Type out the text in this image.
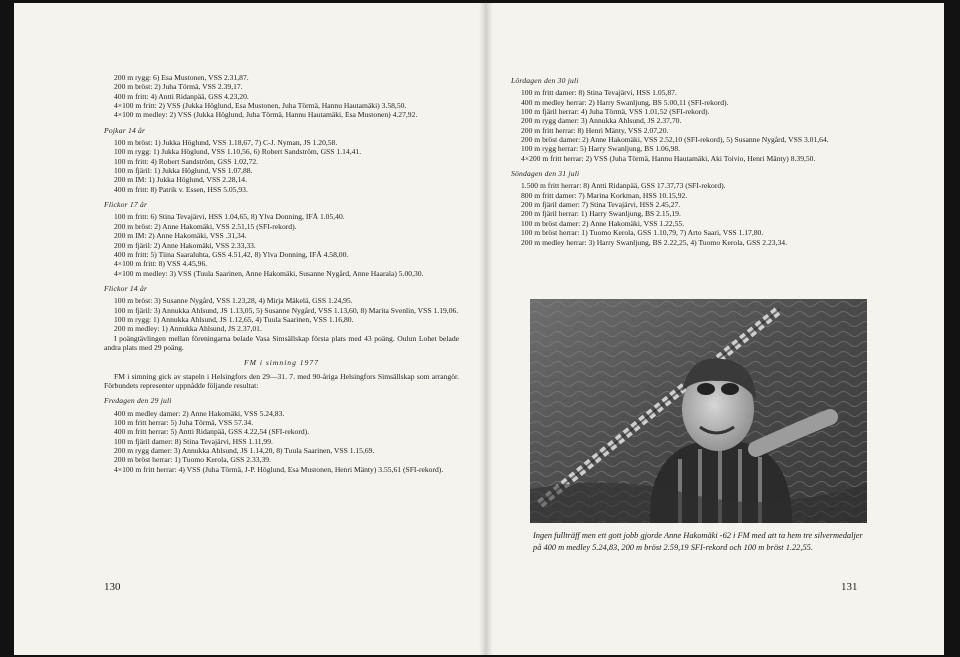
200 m rygg: 6) Esa Mustonen, VSS 2.31,87.
200 m bröst: 2) Juha Törmä, VSS 2.39,17.
400 m fritt: 4) Antti Ridanpää, GSS 4.23,20.
4×100 m fritt: 2) VSS (Jukka Höglund, Esa Mustonen, Juha Törmä, Hannu Hautamäki) 3.58,50.
4×100 m medley: 2) VSS (Jukka Höglund, Juha Törmä, Hannu Hautamäki, Esa Mustonen) 4.27,92.
Pojkar 14 år
100 m bröst: 1) Jukka Höglund, VSS 1.18,67, 7) C-J. Nyman, JS 1.20,58.
100 m rygg: 1) Jukka Höglund, VSS 1.10,56, 6) Robert Sandström, GSS 1.14,41.
100 m fritt: 4) Robert Sandström, GSS 1.02,72.
100 m fjäril: 1) Jukka Höglund, VSS 1.07,88.
200 m IM: 1) Jukka Höglund, VSS 2.28,14.
400 m fritt: 8) Patrik v. Essen, HSS 5.05,93.
Flickor 17 år
100 m fritt: 6) Stina Tevajärvi, HSS 1.04,65, 8) Ylva Donning, IFÅ 1.05,40.
200 m bröst: 2) Anne Hakomäki, VSS 2.51,15 (SFI-rekord).
200 m IM: 2) Anne Hakomäki, VSS .31,34.
200 m fjäril: 2) Anne Hakomäki, VSS 2.33,33.
400 m fritt: 5) Tiina Saaraluhta, GSS 4.51,42, 8) Ylva Donning, IFÅ 4.58,00.
4×100 m fritt: 8) VSS 4.45,96.
4×100 m medley: 3) VSS (Tuula Saarinen, Anne Hakomäki, Susanne Nygård, Anne Haarala) 5.00,30.
Flickor 14 år
100 m bröst: 3) Susanne Nygård, VSS 1.23,28, 4) Mirja Mäkelä, GSS 1.24,95.
100 m fjäril: 3) Annukka Ahlsund, JS 1.13,05, 5) Susanne Nygård, VSS 1.13,60, 8) Marita Svenlin, VSS 1.19,06.
100 m rygg: 1) Annukka Ahlsund, JS 1.12,65, 4) Tuula Saarinen, VSS 1.16,80.
200 m medley: 1) Annukka Ahlsund, JS 2.37,01.
I poängtävlingen mellan föreningarna belade Vasa Simsällskap första plats med 43 poäng. Oulun Lohet belade andra plats med 29 poäng.
FM i simning 1977
FM i simning gick av stapeln i Helsingfors den 29—31. 7. med 90-åriga Helsingfors Simsällskap som arrangör. Förbundets representer uppnådde följande resultat:
Fredagen den 29 juli
400 m medley damer: 2) Anne Hakomäki, VSS 5.24,83.
100 m fritt herrar: 5) Juha Törmä, VSS 57.34.
400 m fritt herrar: 5) Antti Ridanpää, GSS 4.22,54 (SFI-rekord).
100 m fjäril damer: 8) Stina Tevajärvi, HSS 1.11,99.
200 m rygg damer: 3) Annukka Ahlsund, JS 1.14,20, 8) Tuula Saarinen, VSS 1.15,69.
200 m bröst herrar: 1) Tuomo Kerola, GSS 2.33,39.
4×100 m fritt herrar: 4) VSS (Juha Törmä, J-P. Höglund, Esa Mustonen, Henri Mänty) 3.55,61 (SFI-rekord).
130
Lördagen den 30 juli
100 m fritt damer: 8) Stina Tevajärvi, HSS 1.05,87.
400 m medley herrar: 2) Harry Swanljung, BS 5.00,11 (SFI-rekord).
100 m fjäril herrar: 4) Juha Törmä, VSS 1.01,52 (SFI-rekord).
200 m rygg damer: 3) Annukka Ahlsund, JS 2.37,70.
200 m fritt herrar: 8) Henri Mänty, VSS 2.07,20.
200 m bröst damer: 2) Anne Hakomäki, VSS 2.52,10 (SFI-rekord), 5) Susanne Nygård, VSS 3.01,64.
100 m rygg herrar: 5) Harry Swanljung, BS 1.06,98.
4×200 m fritt herrar: 2) VSS (Juha Törmä, Hannu Hautamäki, Aki Toivio, Henri Mänty) 8.39,50.
Söndagen den 31 juli
1.500 m fritt herrar: 8) Antti Ridanpää, GSS 17.37,73 (SFI-rekord).
800 m fritt damer: 7) Marina Korkman, HSS 10.15,92.
200 m fjäril damer: 7) Stina Tevajärvi, HSS 2.45,27.
200 m fjäril herrar: 1) Harry Swanljung, BS 2.15,19.
100 m bröst damer: 2) Anne Hakomäki, VSS 1.22,55.
100 m bröst herrar: 1) Tuomo Kerola, GSS 1.10,79, 7) Arto Saari, VSS 1.17,80.
200 m medley herrar: 3) Harry Swanljung, BS 2.22,25, 4) Tuomo Kerola, GSS 2.23,34.
Ingen fullträff men ett gott jobb gjorde Anne Hakomäki -62 i FM med att ta hem tre silvermedaljer på 400 m medley 5.24,83, 200 m bröst 2.59,19 SFI-rekord och 100 m bröst 1.22,55.
131
